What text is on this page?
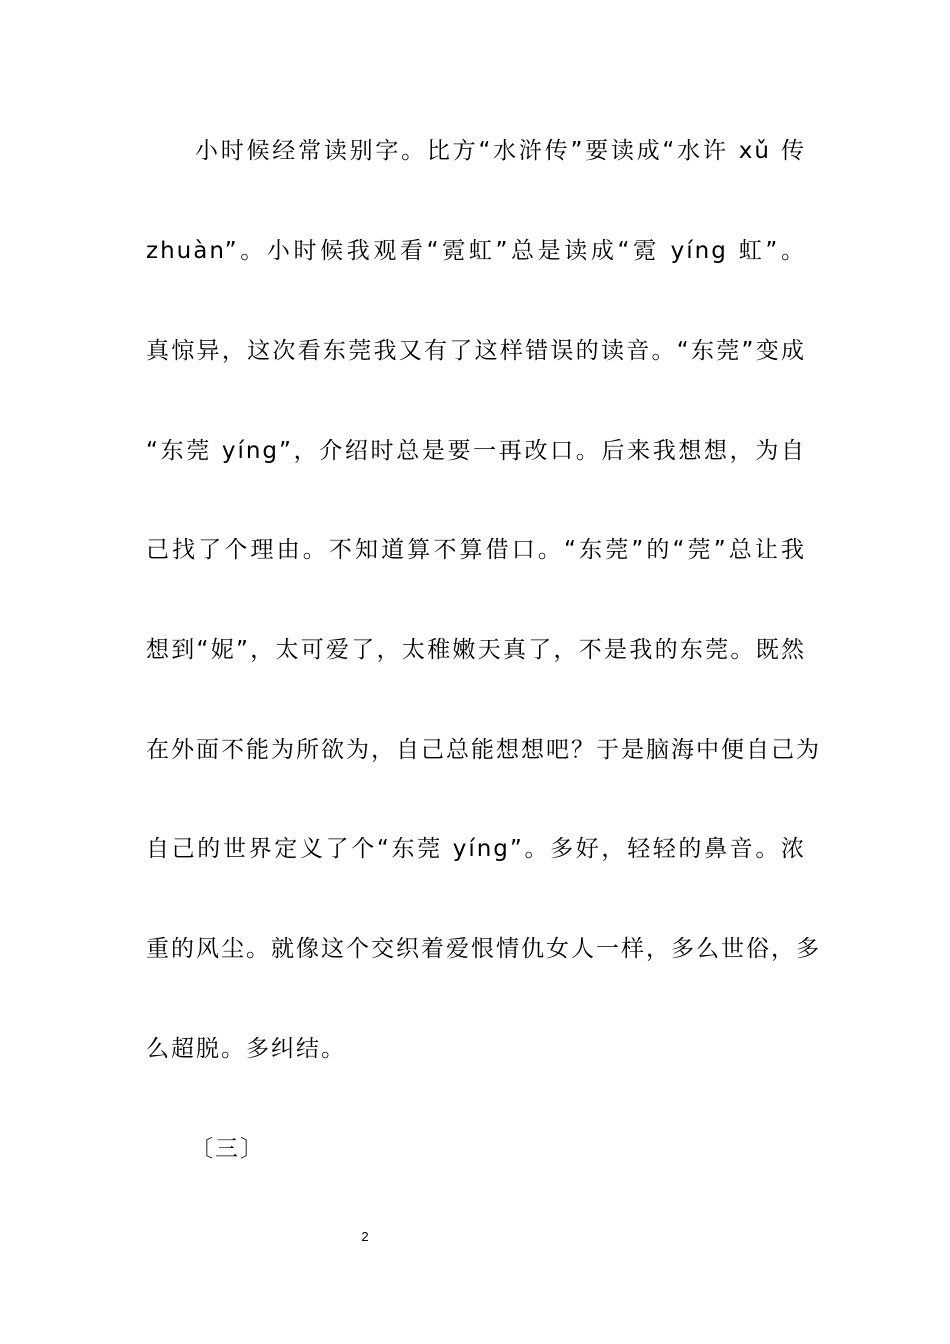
小时候经常读别字。比方“水浒传”要读成“水许 xǔ 传
zhuàn”。小时候我观看“霓虹”总是读成“霓 yíng 虹”。
真惊异，这次看东莞我又有了这样错误的读音。“东莞”变成
“东莞 yíng”，介绍时总是要一再改口。后来我想想，为自
己找了个理由。不知道算不算借口。“东莞”的“莞”总让我
想到“妮”，太可爱了，太稚嫩天真了，不是我的东莞。既然
在外面不能为所欲为，自己总能想想吧？于是脑海中便自己为
自己的世界定义了个“东莞 yíng”。多好，轻轻的鼻音。浓
重的风尘。就像这个交织着爱恨情仇女人一样，多么世俗，多
么超脱。多纠结。
〔三〕
2
